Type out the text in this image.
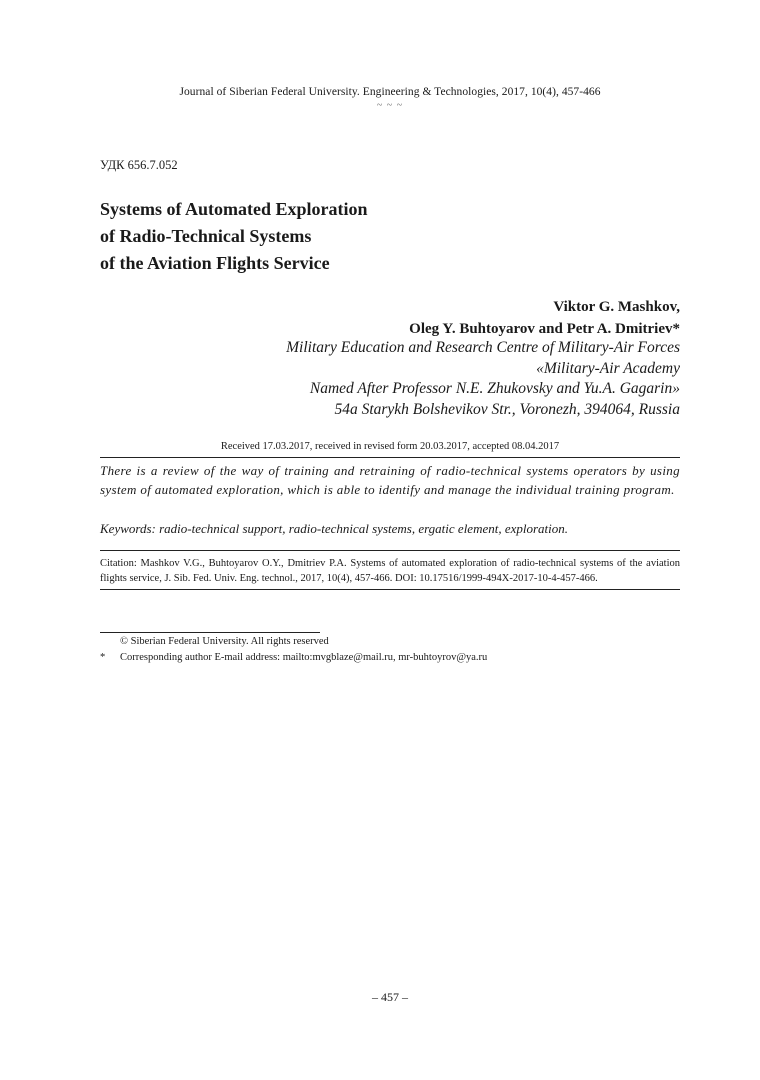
Journal of Siberian Federal University. Engineering & Technologies, 2017, 10(4), 457-466
~ ~ ~
УДК 656.7.052
Systems of Automated Exploration
of Radio-Technical Systems
of the Aviation Flights Service
Viktor G. Mashkov,
Oleg Y. Buhtoyarov and Petr A. Dmitriev*
Military Education and Research Centre of Military-Air Forces
«Military-Air Academy
Named After Professor N.E. Zhukovsky and Yu.A. Gagarin»
54a Starykh Bolshevikov Str., Voronezh, 394064, Russia
Received 17.03.2017, received in revised form 20.03.2017, accepted 08.04.2017
There is a review of the way of training and retraining of radio-technical systems operators by using system of automated exploration, which is able to identify and manage the individual training program.
Keywords: radio-technical support, radio-technical systems, ergatic element, exploration.
Citation: Mashkov V.G., Buhtoyarov O.Y., Dmitriev P.A. Systems of automated exploration of radio-technical systems of the aviation flights service, J. Sib. Fed. Univ. Eng. technol., 2017, 10(4), 457-466. DOI: 10.17516/1999-494X-2017-10-4-457-466.
© Siberian Federal University. All rights reserved
*	Corresponding author E-mail address: mailto:mvgblaze@mail.ru, mr-buhtoyrov@ya.ru
– 457 –
